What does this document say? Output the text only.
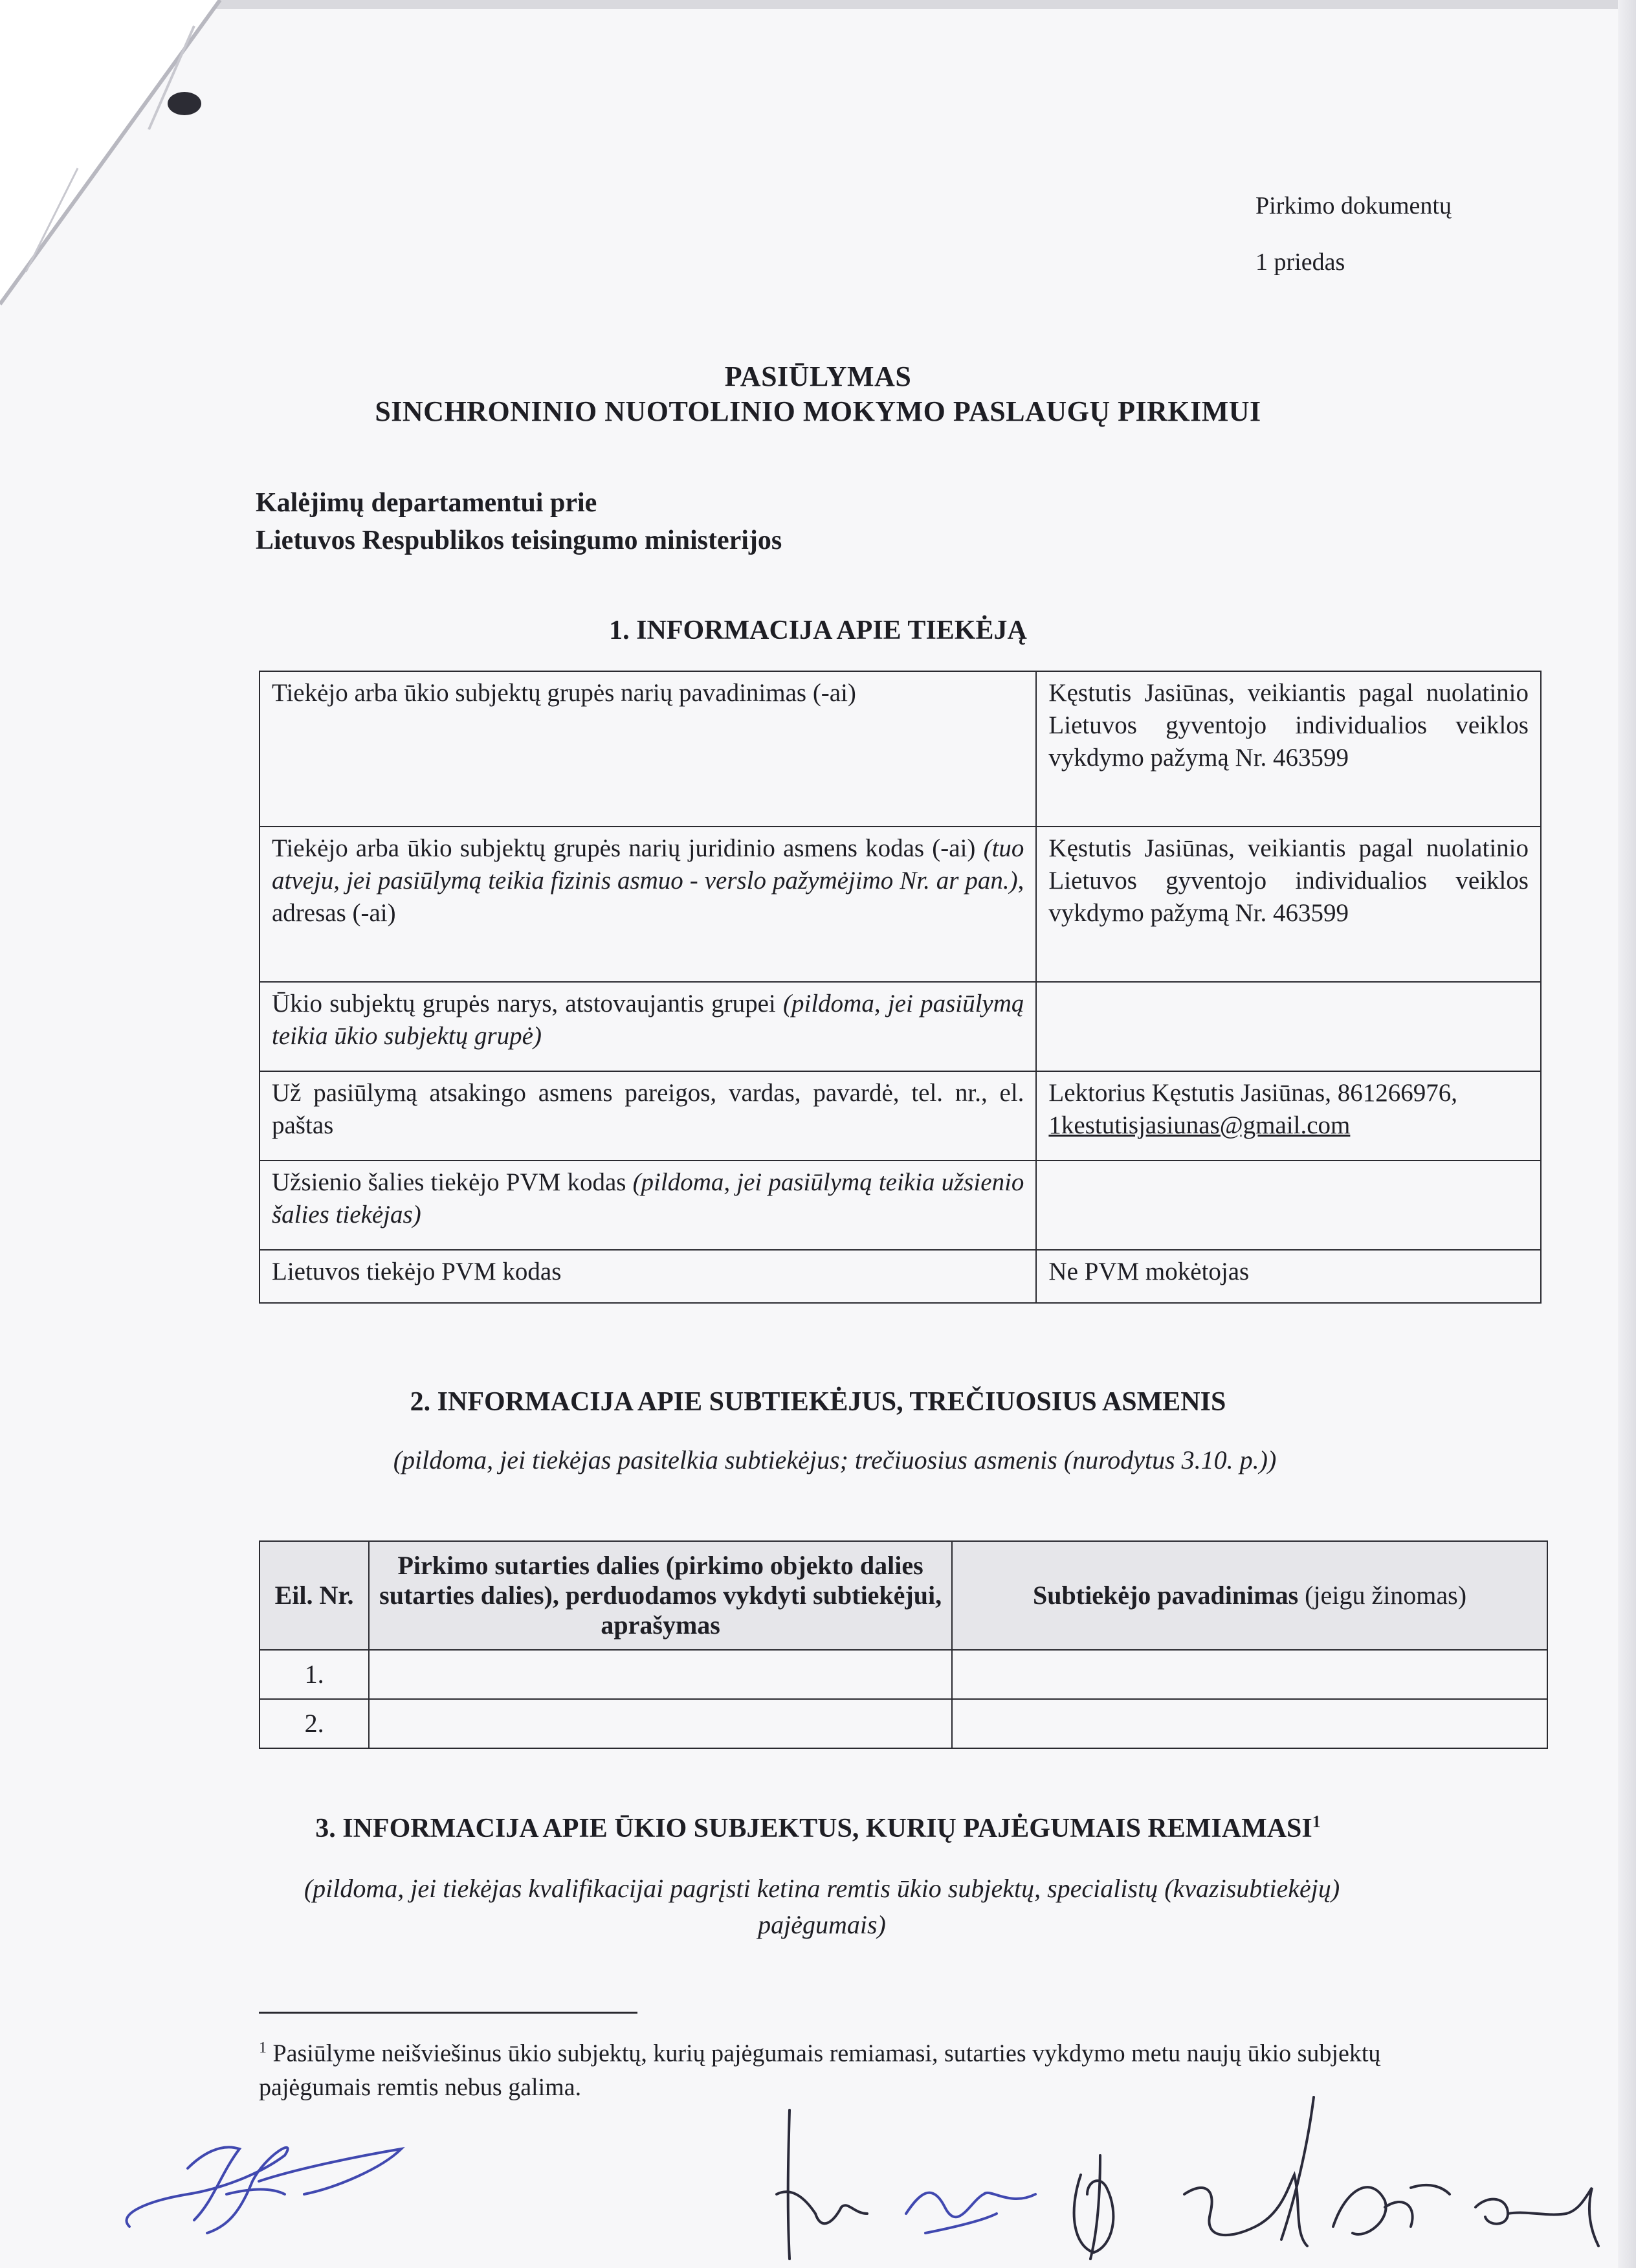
Pirkimo dokumentų
1 priedas
PASIŪLYMAS
SINCHRONINIO NUOTOLINIO MOKYMO PASLAUGŲ PIRKIMUI
Kalėjimų departamentui prie
Lietuvos Respublikos teisingumo ministerijos
1. INFORMACIJA APIE TIEKĖJĄ
Tiekėjo arba ūkio subjektų grupės narių pavadinimas (-ai)	Kęstutis Jasiūnas, veikiantis pagal nuolatinio Lietuvos gyventojo individualios veiklos vykdymo pažymą Nr. 463599
Tiekėjo arba ūkio subjektų grupės narių juridinio asmens kodas (-ai) (tuo atveju, jei pasiūlymą teikia fizinis asmuo - verslo pažymėjimo Nr. ar pan.), adresas (-ai)	Kęstutis Jasiūnas, veikiantis pagal nuolatinio Lietuvos gyventojo individualios veiklos vykdymo pažymą Nr. 463599
Ūkio subjektų grupės narys, atstovaujantis grupei (pildoma, jei pasiūlymą teikia ūkio subjektų grupė)	
Už pasiūlymą atsakingo asmens pareigos, vardas, pavardė, tel. nr., el. paštas	Lektorius Kęstutis Jasiūnas, 861266976,
1kestutisjasiunas@gmail.com
Užsienio šalies tiekėjo PVM kodas (pildoma, jei pasiūlymą teikia užsienio šalies tiekėjas)	
Lietuvos tiekėjo PVM kodas	Ne PVM mokėtojas
2. INFORMACIJA APIE SUBTIEKĖJUS, TREČIUOSIUS ASMENIS
(pildoma, jei tiekėjas pasitelkia subtiekėjus; trečiuosius asmenis (nurodytus 3.10. p.))
Eil. Nr.	Pirkimo sutarties dalies (pirkimo objekto dalies sutarties dalies), perduodamos vykdyti subtiekėjui, aprašymas	Subtiekėjo pavadinimas (jeigu žinomas)
1.		
2.		
3. INFORMACIJA APIE ŪKIO SUBJEKTUS, KURIŲ PAJĖGUMAIS REMIAMASI$^1$
(pildoma, jei tiekėjas kvalifikacijai pagrįsti ketina remtis ūkio subjektų, specialistų (kvazisubtiekėjų) pajėgumais)
$^1$ Pasiūlyme neišviešinus ūkio subjektų, kurių pajėgumais remiamasi, sutarties vykdymo metu naujų ūkio subjektų pajėgumais remtis nebus galima.
